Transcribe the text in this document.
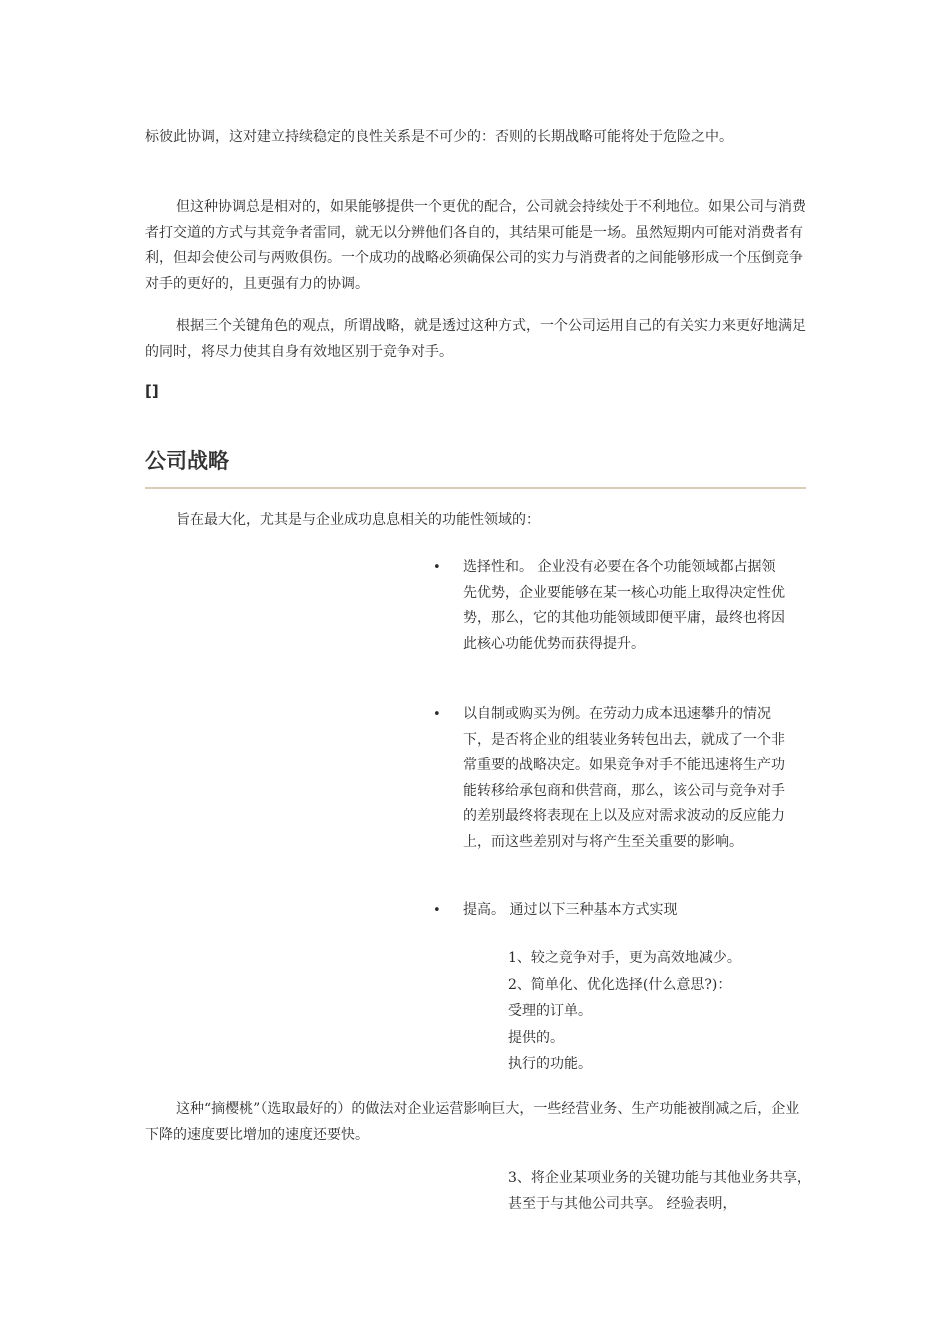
标彼此协调，这对建立持续稳定的良性关系是不可少的：否则的长期战略可能将处于危险之中。

但这种协调总是相对的，如果能够提供一个更优的配合，公司就会持续处于不利地位。如果公司与消费者打交道的方式与其竞争者雷同，就无以分辨他们各自的，其结果可能是一场。虽然短期内可能对消费者有利，但却会使公司与两败俱伤。一个成功的战略必须确保公司的实力与消费者的之间能够形成一个压倒竞争对手的更好的，且更强有力的协调。

根据三个关键角色的观点，所谓战略，就是透过这种方式，一个公司运用自己的有关实力来更好地满足的同时，将尽力使其自身有效地区别于竞争对手。

[]
公司战略

旨在最大化，尤其是与企业成功息息相关的功能性领域的：

•	选择性和。 企业没有必要在各个功能领域都占据领先优势，企业要能够在某一核心功能上取得决定性优势，那么，它的其他功能领域即便平庸，最终也将因此核心功能优势而获得提升。

•	以自制或购买为例。在劳动力成本迅速攀升的情况下，是否将企业的组装业务转包出去，就成了一个非常重要的战略决定。如果竞争对手不能迅速将生产功能转移给承包商和供营商，那么，该公司与竞争对手的差别最终将表现在上以及应对需求波动的反应能力上，而这些差别对与将产生至关重要的影响。

•	提高。 通过以下三种基本方式实现

1、较之竞争对手，更为高效地减少。
2、简单化、优化选择(什么意思?)：
受理的订单。
提供的。
执行的功能。

这种“摘樱桃”（选取最好的）的做法对企业运营影响巨大，一些经营业务、生产功能被削减之后，企业下降的速度要比增加的速度还要快。

3、将企业某项业务的关键功能与其他业务共享，甚至于与其他公司共享。 经验表明，
